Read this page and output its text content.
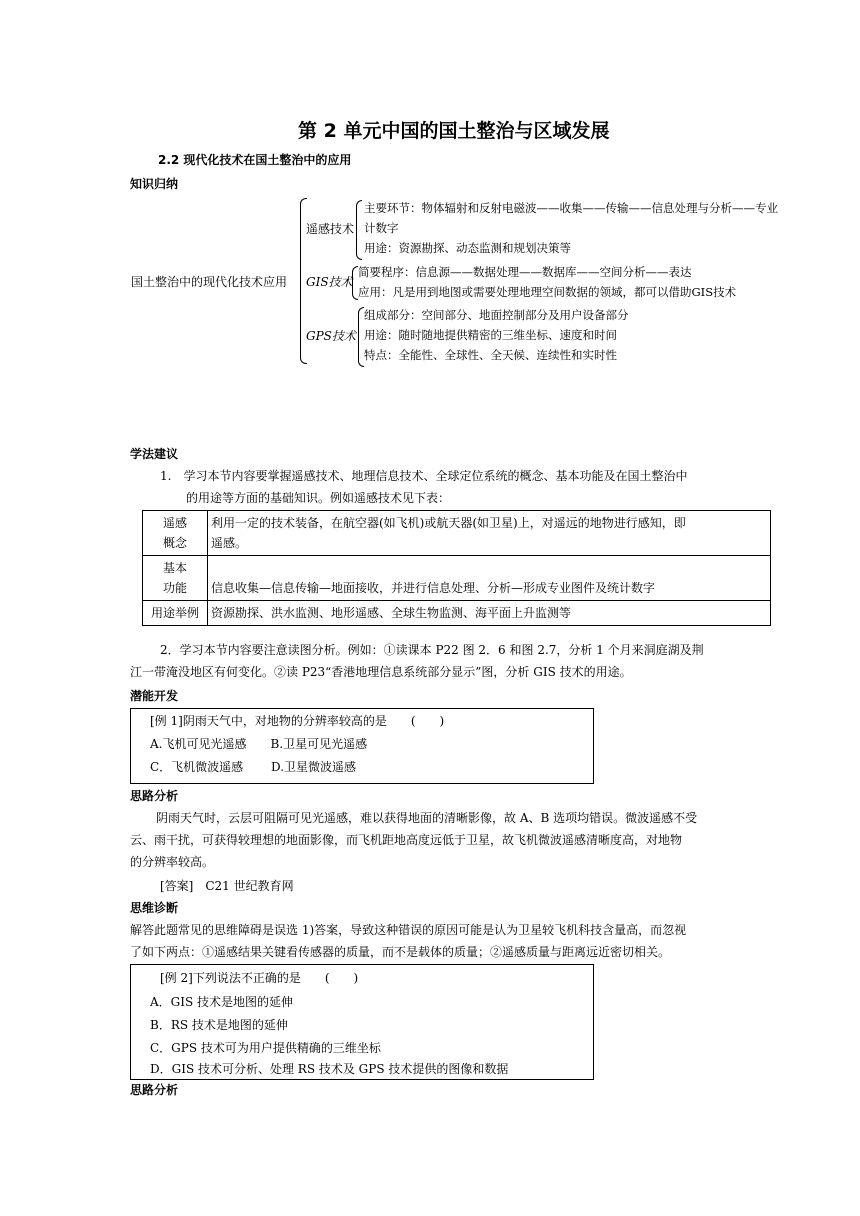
第 2 单元中国的国土整治与区域发展
2.2 现代化技术在国土整治中的应用
知识归纳
国土整治中的现代化技术应用
遥感技术
主要环节：物体辐射和反射电磁波——收集——传输——信息处理与分析——专业
计数字
用途：资源勘探、动态监测和规划决策等
GIS技术
简要程序：信息源——数据处理——数据库——空间分析——表达
应用：凡是用到地图或需要处理地理空间数据的领域，都可以借助GIS技术
GPS技术
组成部分：空间部分、地面控制部分及用户设备部分
用途：随时随地提供精密的三维坐标、速度和时间
特点：全能性、全球性、全天候、连续性和实时性
学法建议
1.　学习本节内容要掌握遥感技术、地理信息技术、全球定位系统的概念、基本功能及在国土整治中
的用途等方面的基础知识。例如遥感技术见下表：
遥感
概念	利用一定的技术装备，在航空器(如飞机)或航天器(如卫星)上，对遥远的地物进行感知，即
遥感。
基本
功能	信息收集—信息传输—地面接收，并进行信息处理、分析—形成专业图件及统计数字
用途举例	资源勘探、洪水监测、地形遥感、全球生物监测、海平面上升监测等
2．学习本节内容要注意读图分析。例如：①读课本 P22 图 2．6 和图 2.7，分析 1 个月来洞庭湖及荆
江一带淹没地区有何变化。②读 P23“香港地理信息系统部分显示”图，分析 GIS 技术的用途。
潜能开发
[例 1]阴雨天气中，对地物的分辨率较高的是　　(　　)
A.飞机可见光遥感　　B.卫星可见光遥感
C．飞机微波遥感　　 D.卫星微波遥感
思路分析
阴雨天气时，云层可阻隔可见光遥感，难以获得地面的清晰影像，故 A、B 选项均错误。微波遥感不受
云、雨干扰，可获得较理想的地面影像，而飞机距地高度远低于卫星，故飞机微波遥感清晰度高，对地物
的分辨率较高。
[答案]　C21 世纪教育网
思维诊断
解答此题常见的思维障碍是误选 1)答案，导致这种错误的原因可能是认为卫星较飞机科技含量高，而忽视
了如下两点：①遥感结果关键看传感器的质量，而不是载体的质量；②遥感质量与距离远近密切相关。
[例 2]下列说法不正确的是　　(　　)
A．GIS 技术是地图的延伸
B．RS 技术是地图的延伸
C．GPS 技术可为用户提供精确的三维坐标
D．GIS 技术可分析、处理 RS 技术及 GPS 技术提供的图像和数据
思路分析
